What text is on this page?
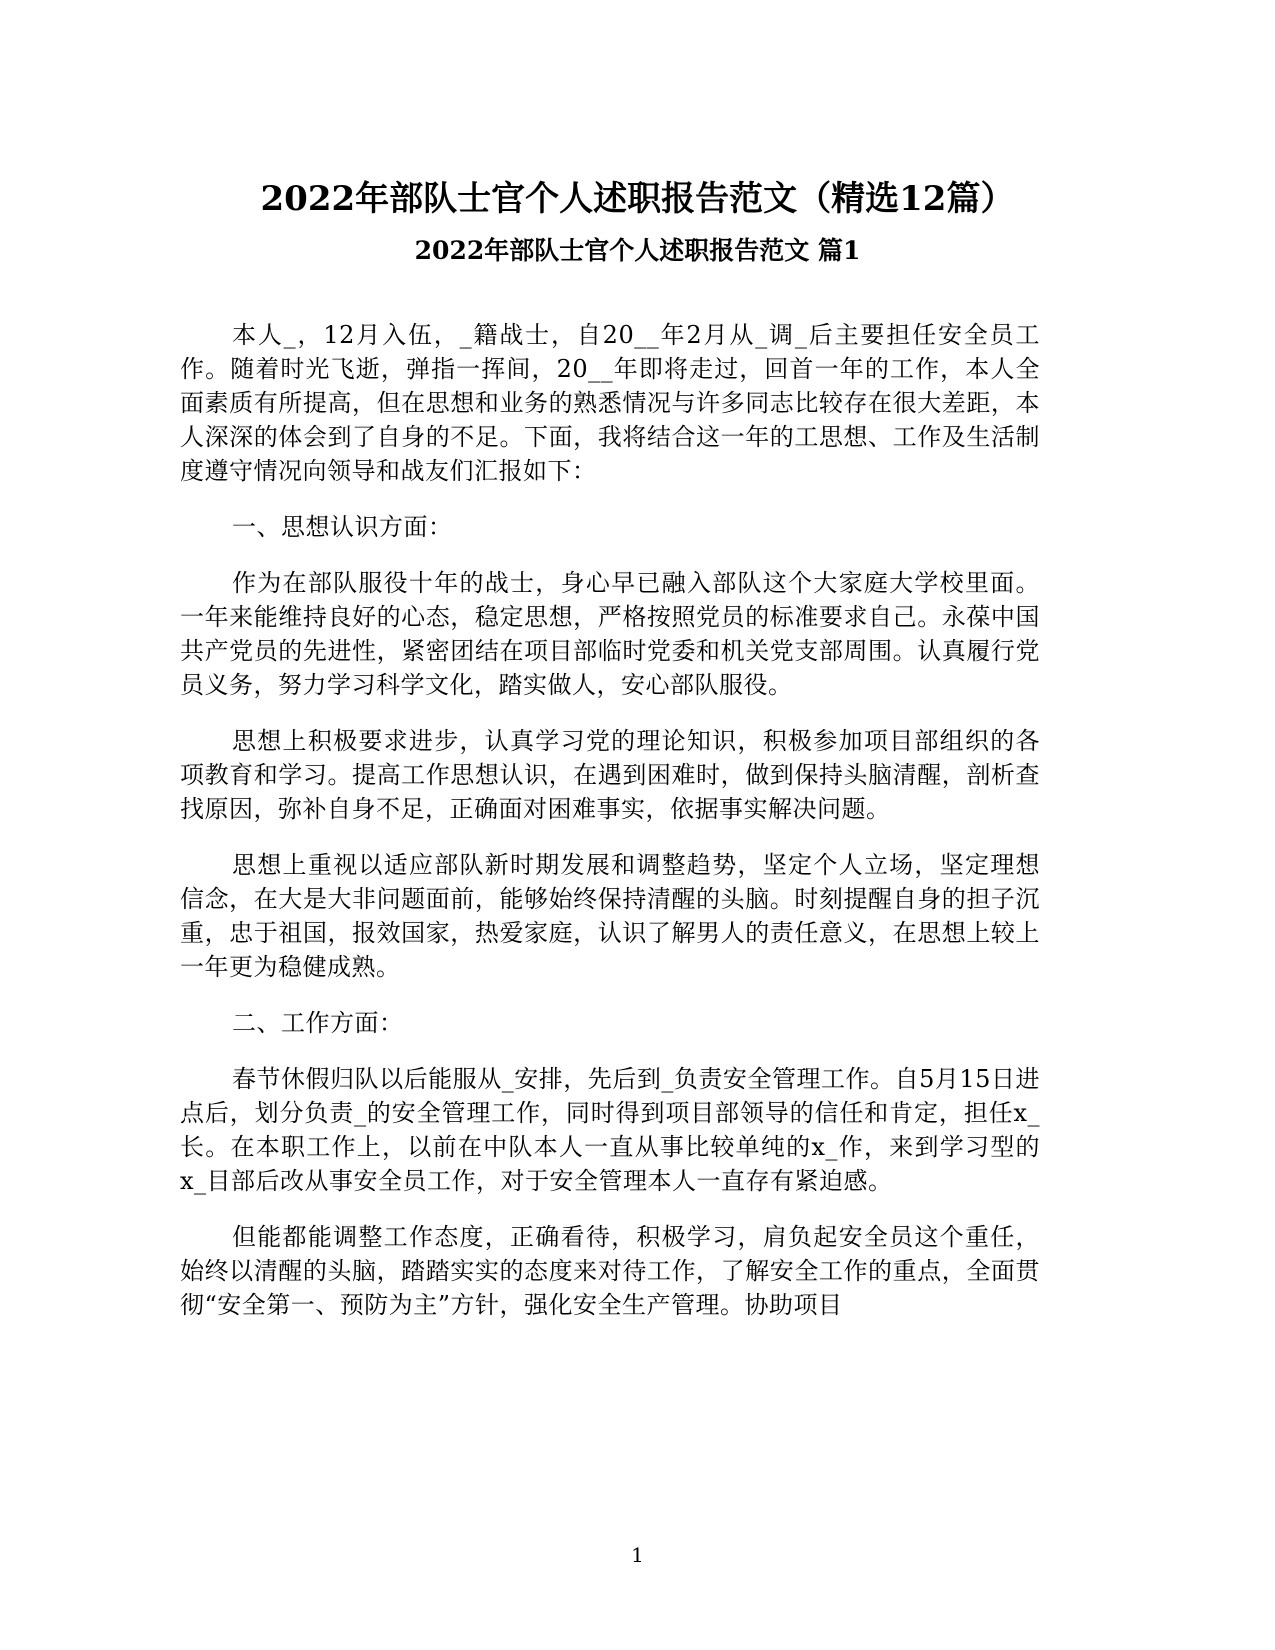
2022年部队士官个人述职报告范文（精选12篇）
2022年部队士官个人述职报告范文 篇1

本人_，12月入伍，_籍战士，自20__年2月从_调_后主要担任安全员工作。随着时光飞逝，弹指一挥间，20__年即将走过，回首一年的工作，本人全面素质有所提高，但在思想和业务的熟悉情况与许多同志比较存在很大差距，本人深深的体会到了自身的不足。下面，我将结合这一年的工思想、工作及生活制度遵守情况向领导和战友们汇报如下：

一、思想认识方面：

作为在部队服役十年的战士，身心早已融入部队这个大家庭大学校里面。一年来能维持良好的心态，稳定思想，严格按照党员的标准要求自己。永葆中国共产党员的先进性，紧密团结在项目部临时党委和机关党支部周围。认真履行党员义务，努力学习科学文化，踏实做人，安心部队服役。

思想上积极要求进步，认真学习党的理论知识，积极参加项目部组织的各项教育和学习。提高工作思想认识，在遇到困难时，做到保持头脑清醒，剖析查找原因，弥补自身不足，正确面对困难事实，依据事实解决问题。

思想上重视以适应部队新时期发展和调整趋势，坚定个人立场，坚定理想信念，在大是大非问题面前，能够始终保持清醒的头脑。时刻提醒自身的担子沉重，忠于祖国，报效国家，热爱家庭，认识了解男人的责任意义，在思想上较上一年更为稳健成熟。

二、工作方面：

春节休假归队以后能服从_安排，先后到_负责安全管理工作。自5月15日进点后，划分负责_的安全管理工作，同时得到项目部领导的信任和肯定，担任x_长。在本职工作上，以前在中队本人一直从事比较单纯的x_作，来到学习型的x_目部后改从事安全员工作，对于安全管理本人一直存有紧迫感。

但能都能调整工作态度，正确看待，积极学习，肩负起安全员这个重任，始终以清醒的头脑，踏踏实实的态度来对待工作，了解安全工作的重点，全面贯彻“安全第一、预防为主”方针，强化安全生产管理。协助项目

1
